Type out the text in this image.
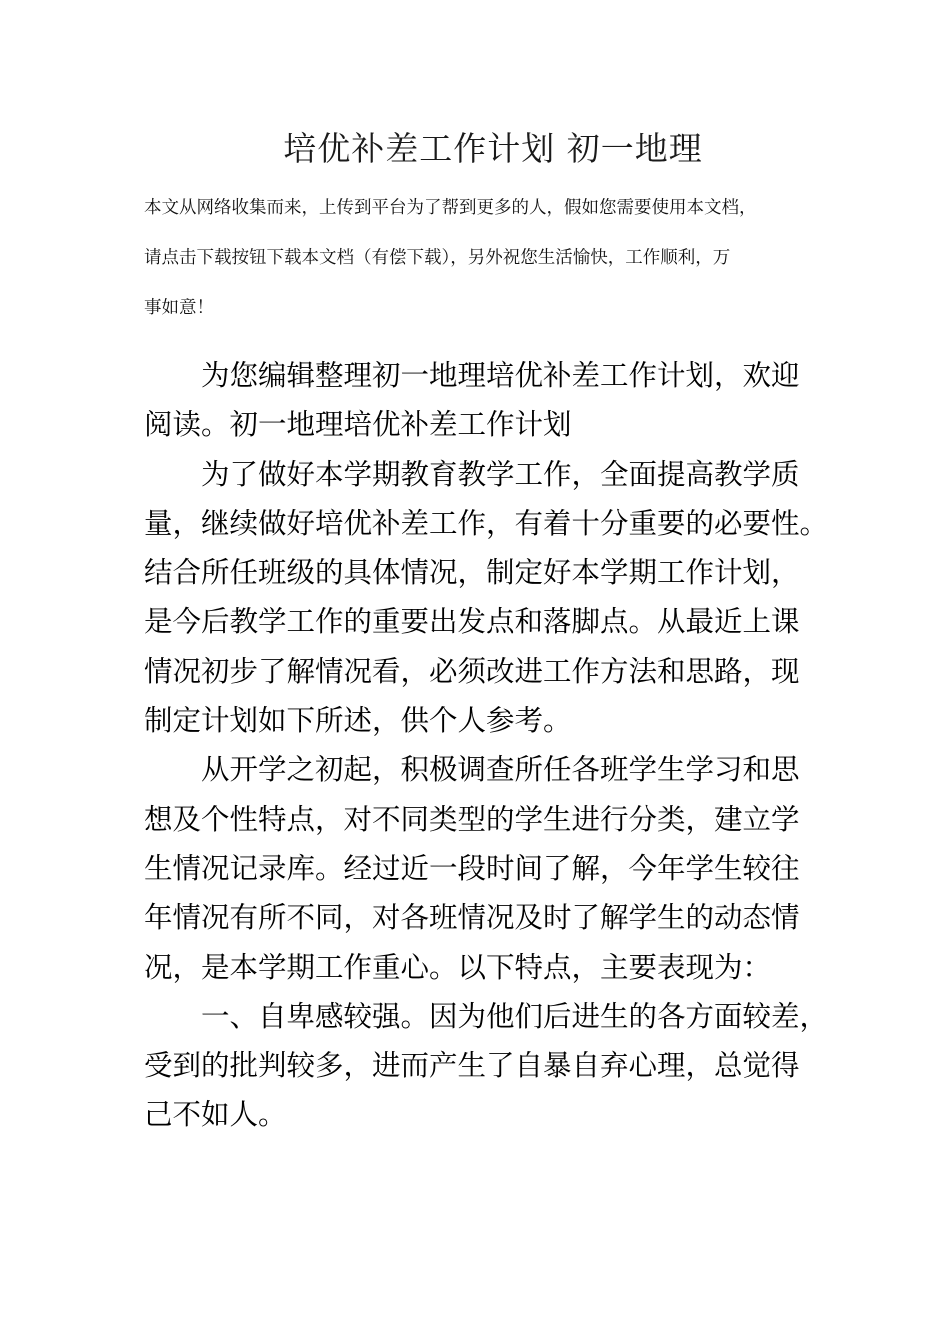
培优补差工作计划 初一地理
本文从网络收集而来，上传到平台为了帮到更多的人，假如您需要使用本文档，
请点击下载按钮下载本文档（有偿下载），另外祝您生活愉快，工作顺利，万
事如意！
为您编辑整理初一地理培优补差工作计划，欢迎
阅读。初一地理培优补差工作计划
为了做好本学期教育教学工作，全面提高教学质
量，继续做好培优补差工作，有着十分重要的必要性。
结合所任班级的具体情况，制定好本学期工作计划，
是今后教学工作的重要出发点和落脚点。从最近上课
情况初步了解情况看，必须改进工作方法和思路，现
制定计划如下所述，供个人参考。
从开学之初起，积极调查所任各班学生学习和思
想及个性特点，对不同类型的学生进行分类，建立学
生情况记录库。经过近一段时间了解，今年学生较往
年情况有所不同，对各班情况及时了解学生的动态情
况，是本学期工作重心。以下特点，主要表现为：
一、自卑感较强。因为他们后进生的各方面较差，
受到的批判较多，进而产生了自暴自弃心理，总觉得
己不如人。
